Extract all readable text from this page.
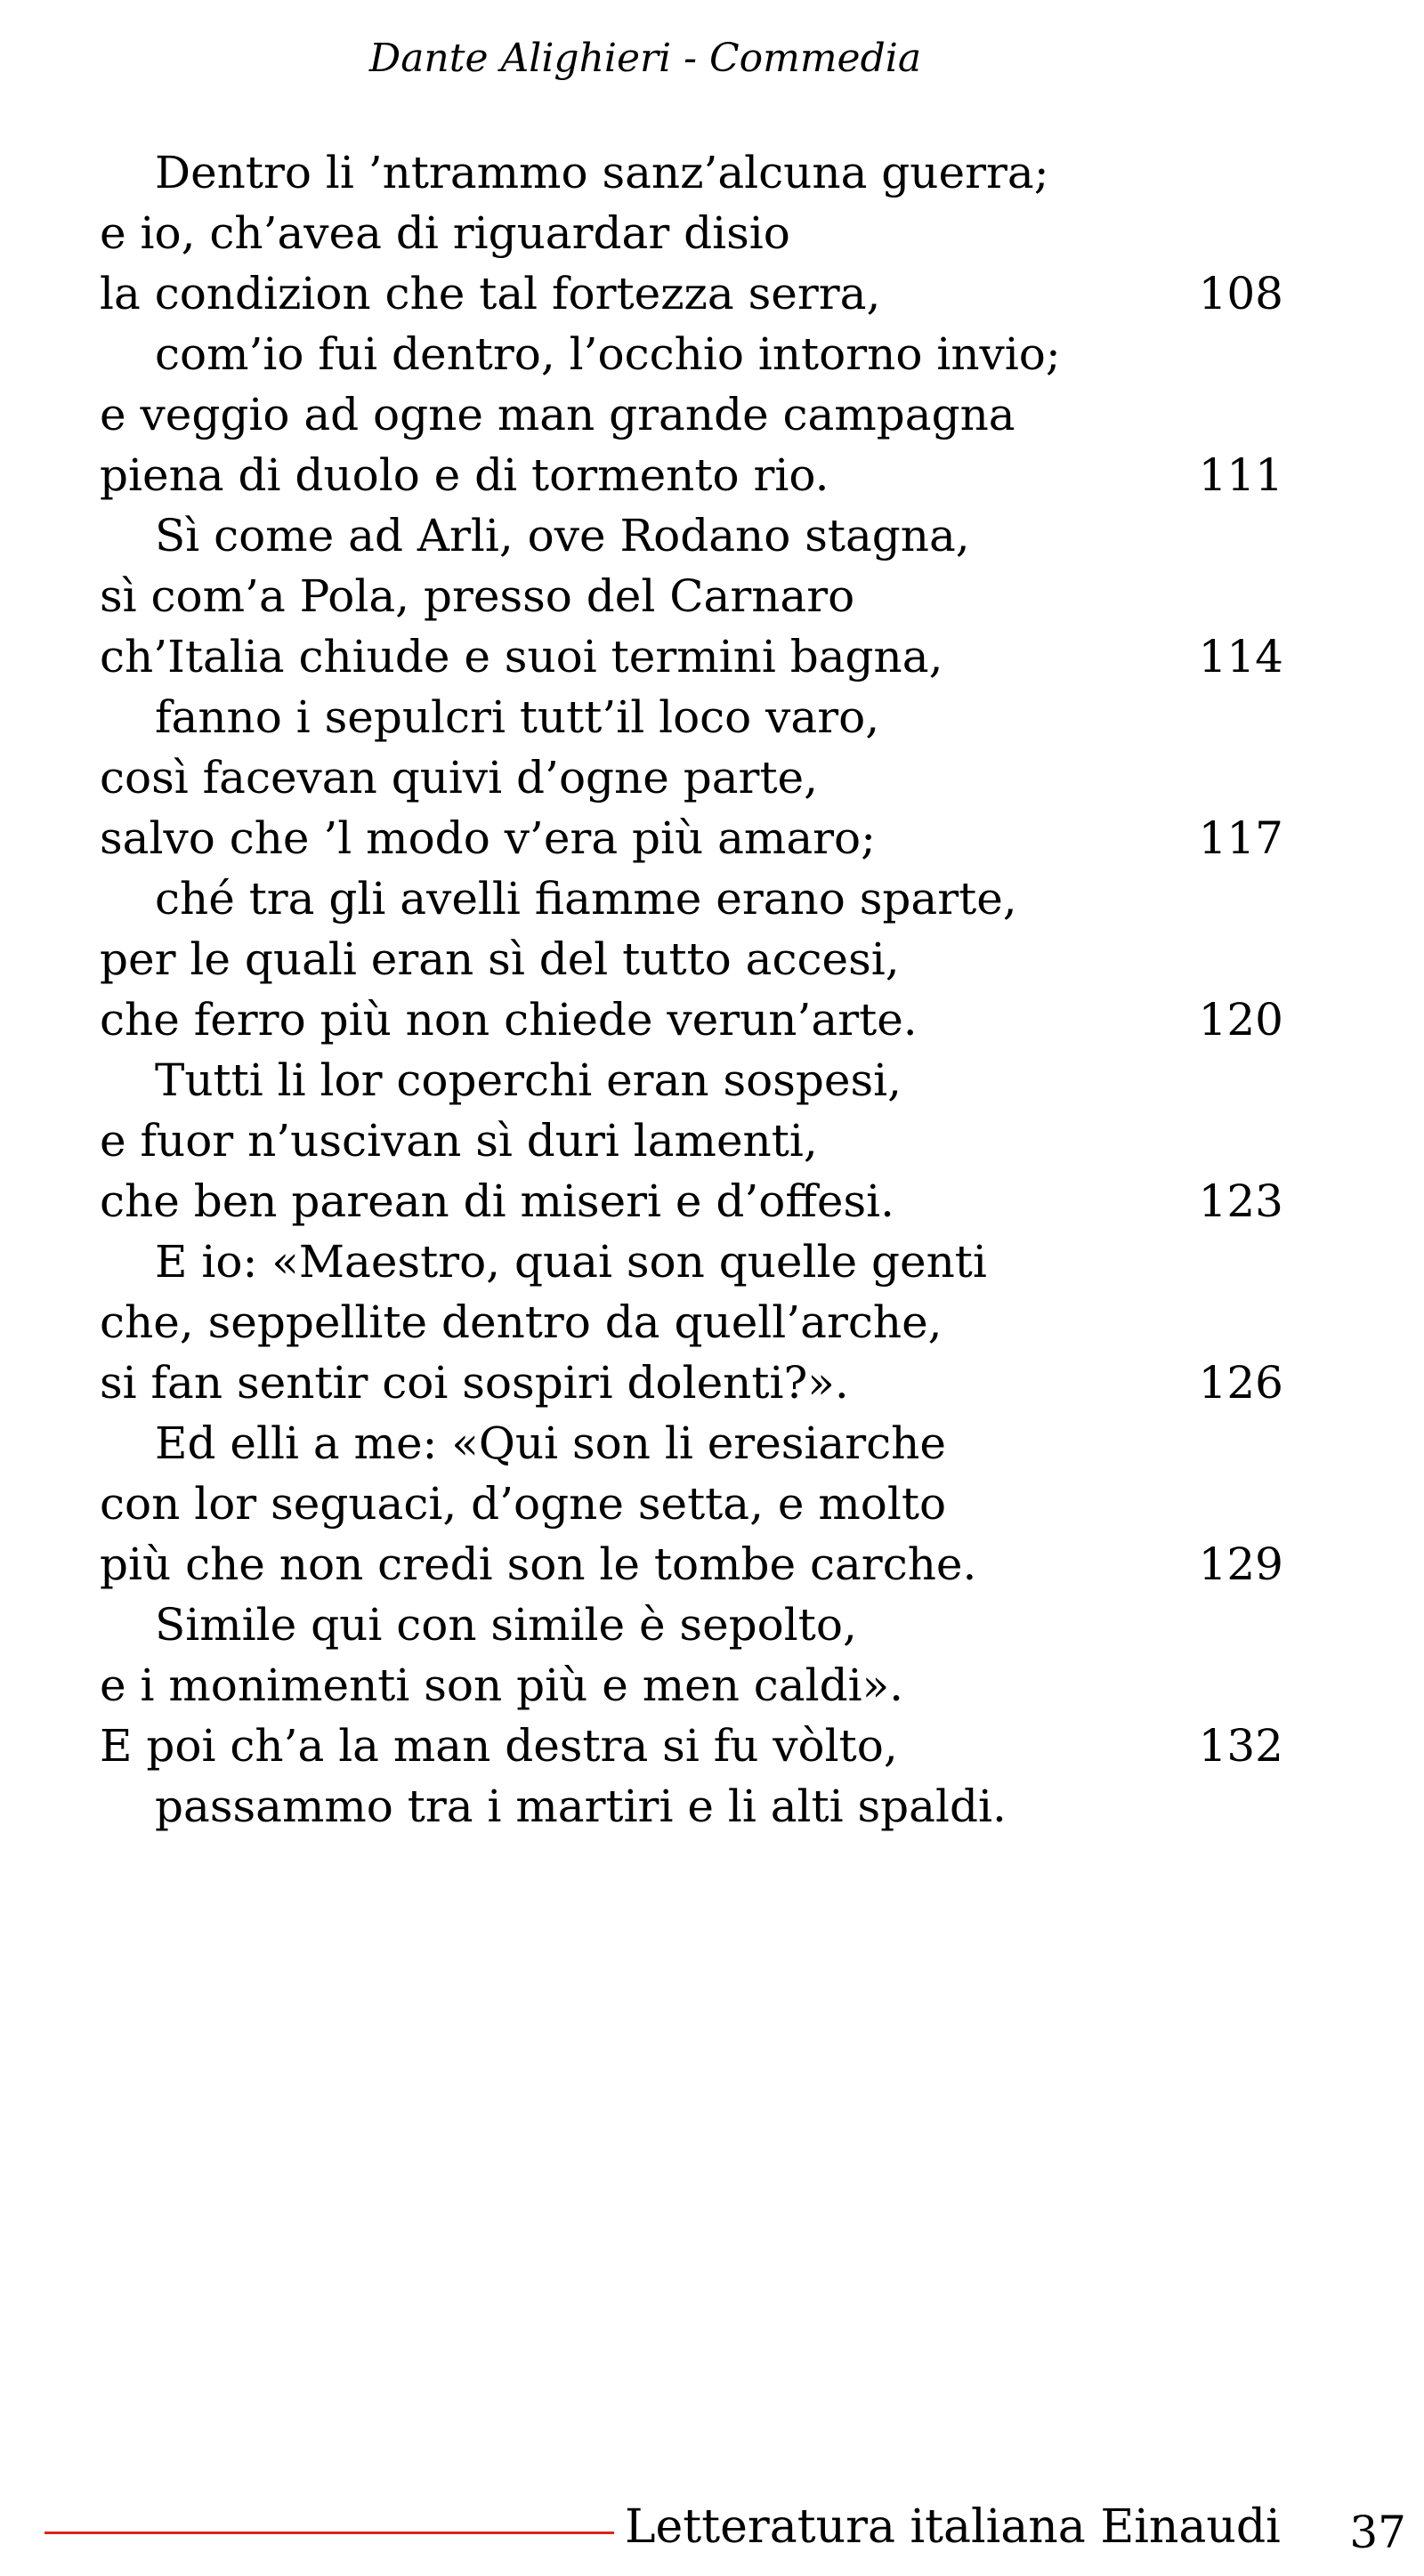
Dante Alighieri - Commedia
Dentro li ’ntrammo sanz’alcuna guerra;
e io, ch’avea di riguardar disio
la condizion che tal fortezza serra,	108
com’io fui dentro, l’occhio intorno invio;
e veggio ad ogne man grande campagna
piena di duolo e di tormento rio.	111
Sì come ad Arli, ove Rodano stagna,
sì com’a Pola, presso del Carnaro
ch’Italia chiude e suoi termini bagna,	114
fanno i sepulcri tutt’il loco varo,
così facevan quivi d’ogne parte,
salvo che ’l modo v’era più amaro;	117
ché tra gli avelli fiamme erano sparte,
per le quali eran sì del tutto accesi,
che ferro più non chiede verun’arte.	120
Tutti li lor coperchi eran sospesi,
e fuor n’uscivan sì duri lamenti,
che ben parean di miseri e d’offesi.	123
E io: «Maestro, quai son quelle genti
che, seppellite dentro da quell’arche,
si fan sentir coi sospiri dolenti?».	126
Ed elli a me: «Qui son li eresiarche
con lor seguaci, d’ogne setta, e molto
più che non credi son le tombe carche.	129
Simile qui con simile è sepolto,
e i monimenti son più e men caldi».
E poi ch’a la man destra si fu vòlto,	132
passammo tra i martiri e li alti spaldi.
Letteratura italiana Einaudi 37
